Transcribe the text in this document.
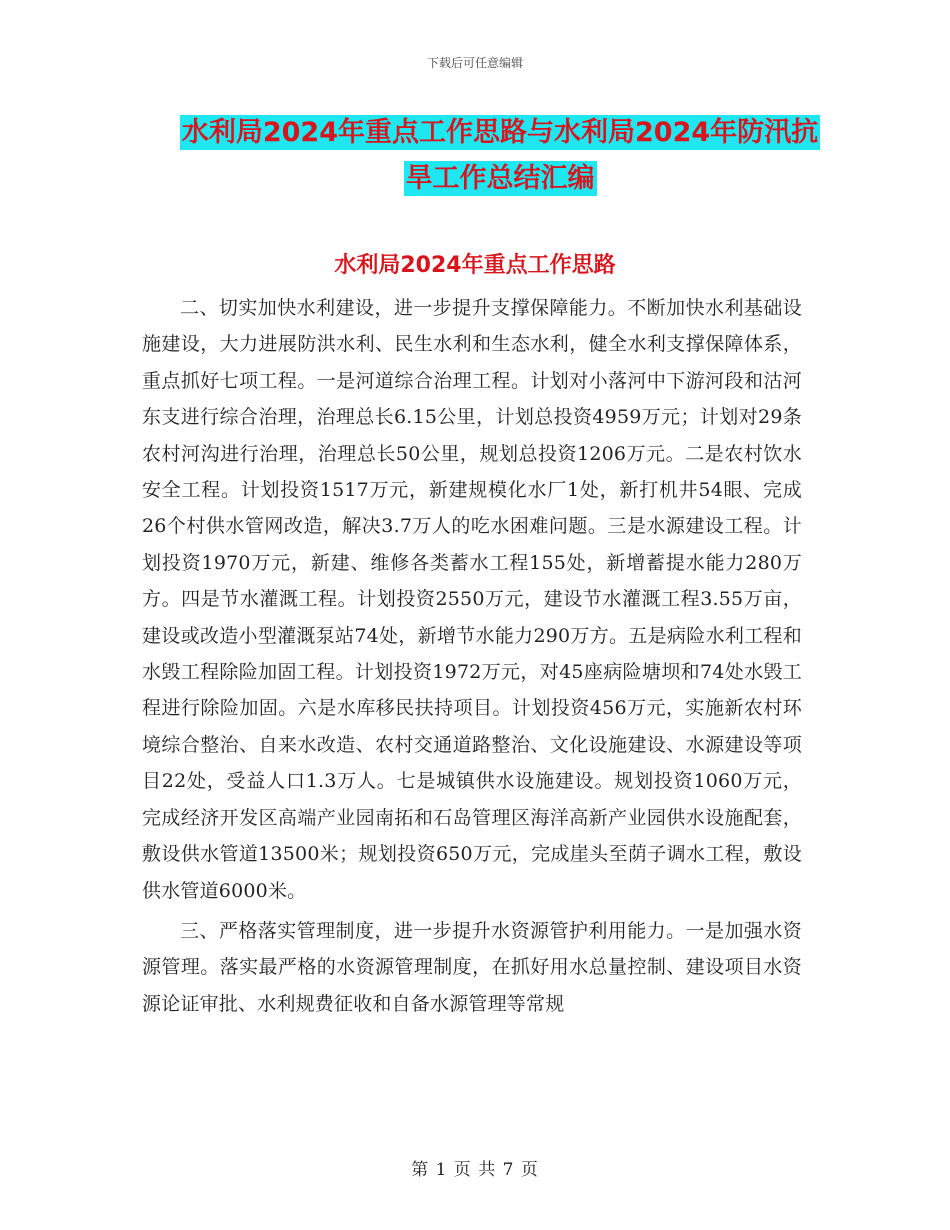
下载后可任意编辑
水利局2024年重点工作思路与水利局2024年防汛抗
旱工作总结汇编
水利局2024年重点工作思路

二、切实加快水利建设，进一步提升支撑保障能力。不断加快水利基础设施建设，大力进展防洪水利、民生水利和生态水利，健全水利支撑保障体系，重点抓好七项工程。一是河道综合治理工程。计划对小落河中下游河段和沽河东支进行综合治理，治理总长6.15公里，计划总投资4959万元；计划对29条农村河沟进行治理，治理总长50公里，规划总投资1206万元。二是农村饮水安全工程。计划投资1517万元，新建规模化水厂1处，新打机井54眼、完成26个村供水管网改造，解决3.7万人的吃水困难问题。三是水源建设工程。计划投资1970万元，新建、维修各类蓄水工程155处，新增蓄提水能力280万方。四是节水灌溉工程。计划投资2550万元，建设节水灌溉工程3.55万亩，建设或改造小型灌溉泵站74处，新增节水能力290万方。五是病险水利工程和水毁工程除险加固工程。计划投资1972万元，对45座病险塘坝和74处水毁工程进行除险加固。六是水库移民扶持项目。计划投资456万元，实施新农村环境综合整治、自来水改造、农村交通道路整治、文化设施建设、水源建设等项目22处，受益人口1.3万人。七是城镇供水设施建设。规划投资1060万元，完成经济开发区高端产业园南拓和石岛管理区海洋高新产业园供水设施配套，敷设供水管道13500米；规划投资650万元，完成崖头至荫子调水工程，敷设供水管道6000米。

三、严格落实管理制度，进一步提升水资源管护利用能力。一是加强水资源管理。落实最严格的水资源管理制度，在抓好用水总量控制、建设项目水资源论证审批、水利规费征收和自备水源管理等常规

第 1 页 共 7 页
